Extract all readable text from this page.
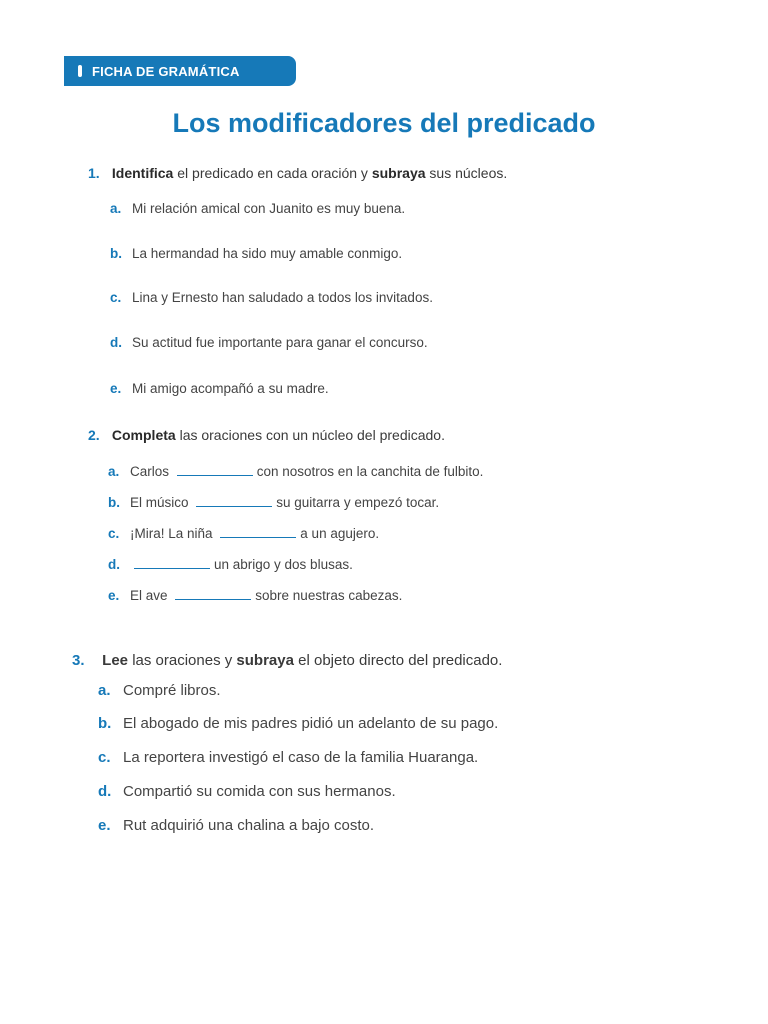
FICHA DE GRAMÁTICA
Los modificadores del predicado
1. Identifica el predicado en cada oración y subraya sus núcleos.
a. Mi relación amical con Juanito es muy buena.
b. La hermandad ha sido muy amable conmigo.
c. Lina y Ernesto han saludado a todos los invitados.
d. Su actitud fue importante para ganar el concurso.
e. Mi amigo acompañó a su madre.
2. Completa las oraciones con un núcleo del predicado.
a. Carlos	con nosotros en la canchita de fulbito.
b. El músico	su guitarra y empezó tocar.
c. ¡Mira! La niña	a un agujero.
d.	un abrigo y dos blusas.
e. El ave	sobre nuestras cabezas.
3. Lee las oraciones y subraya el objeto directo del predicado.
a. Compré libros.
b. El abogado de mis padres pidió un adelanto de su pago.
c. La reportera investigó el caso de la familia Huaranga.
d. Compartió su comida con sus hermanos.
e. Rut adquirió una chalina a bajo costo.
